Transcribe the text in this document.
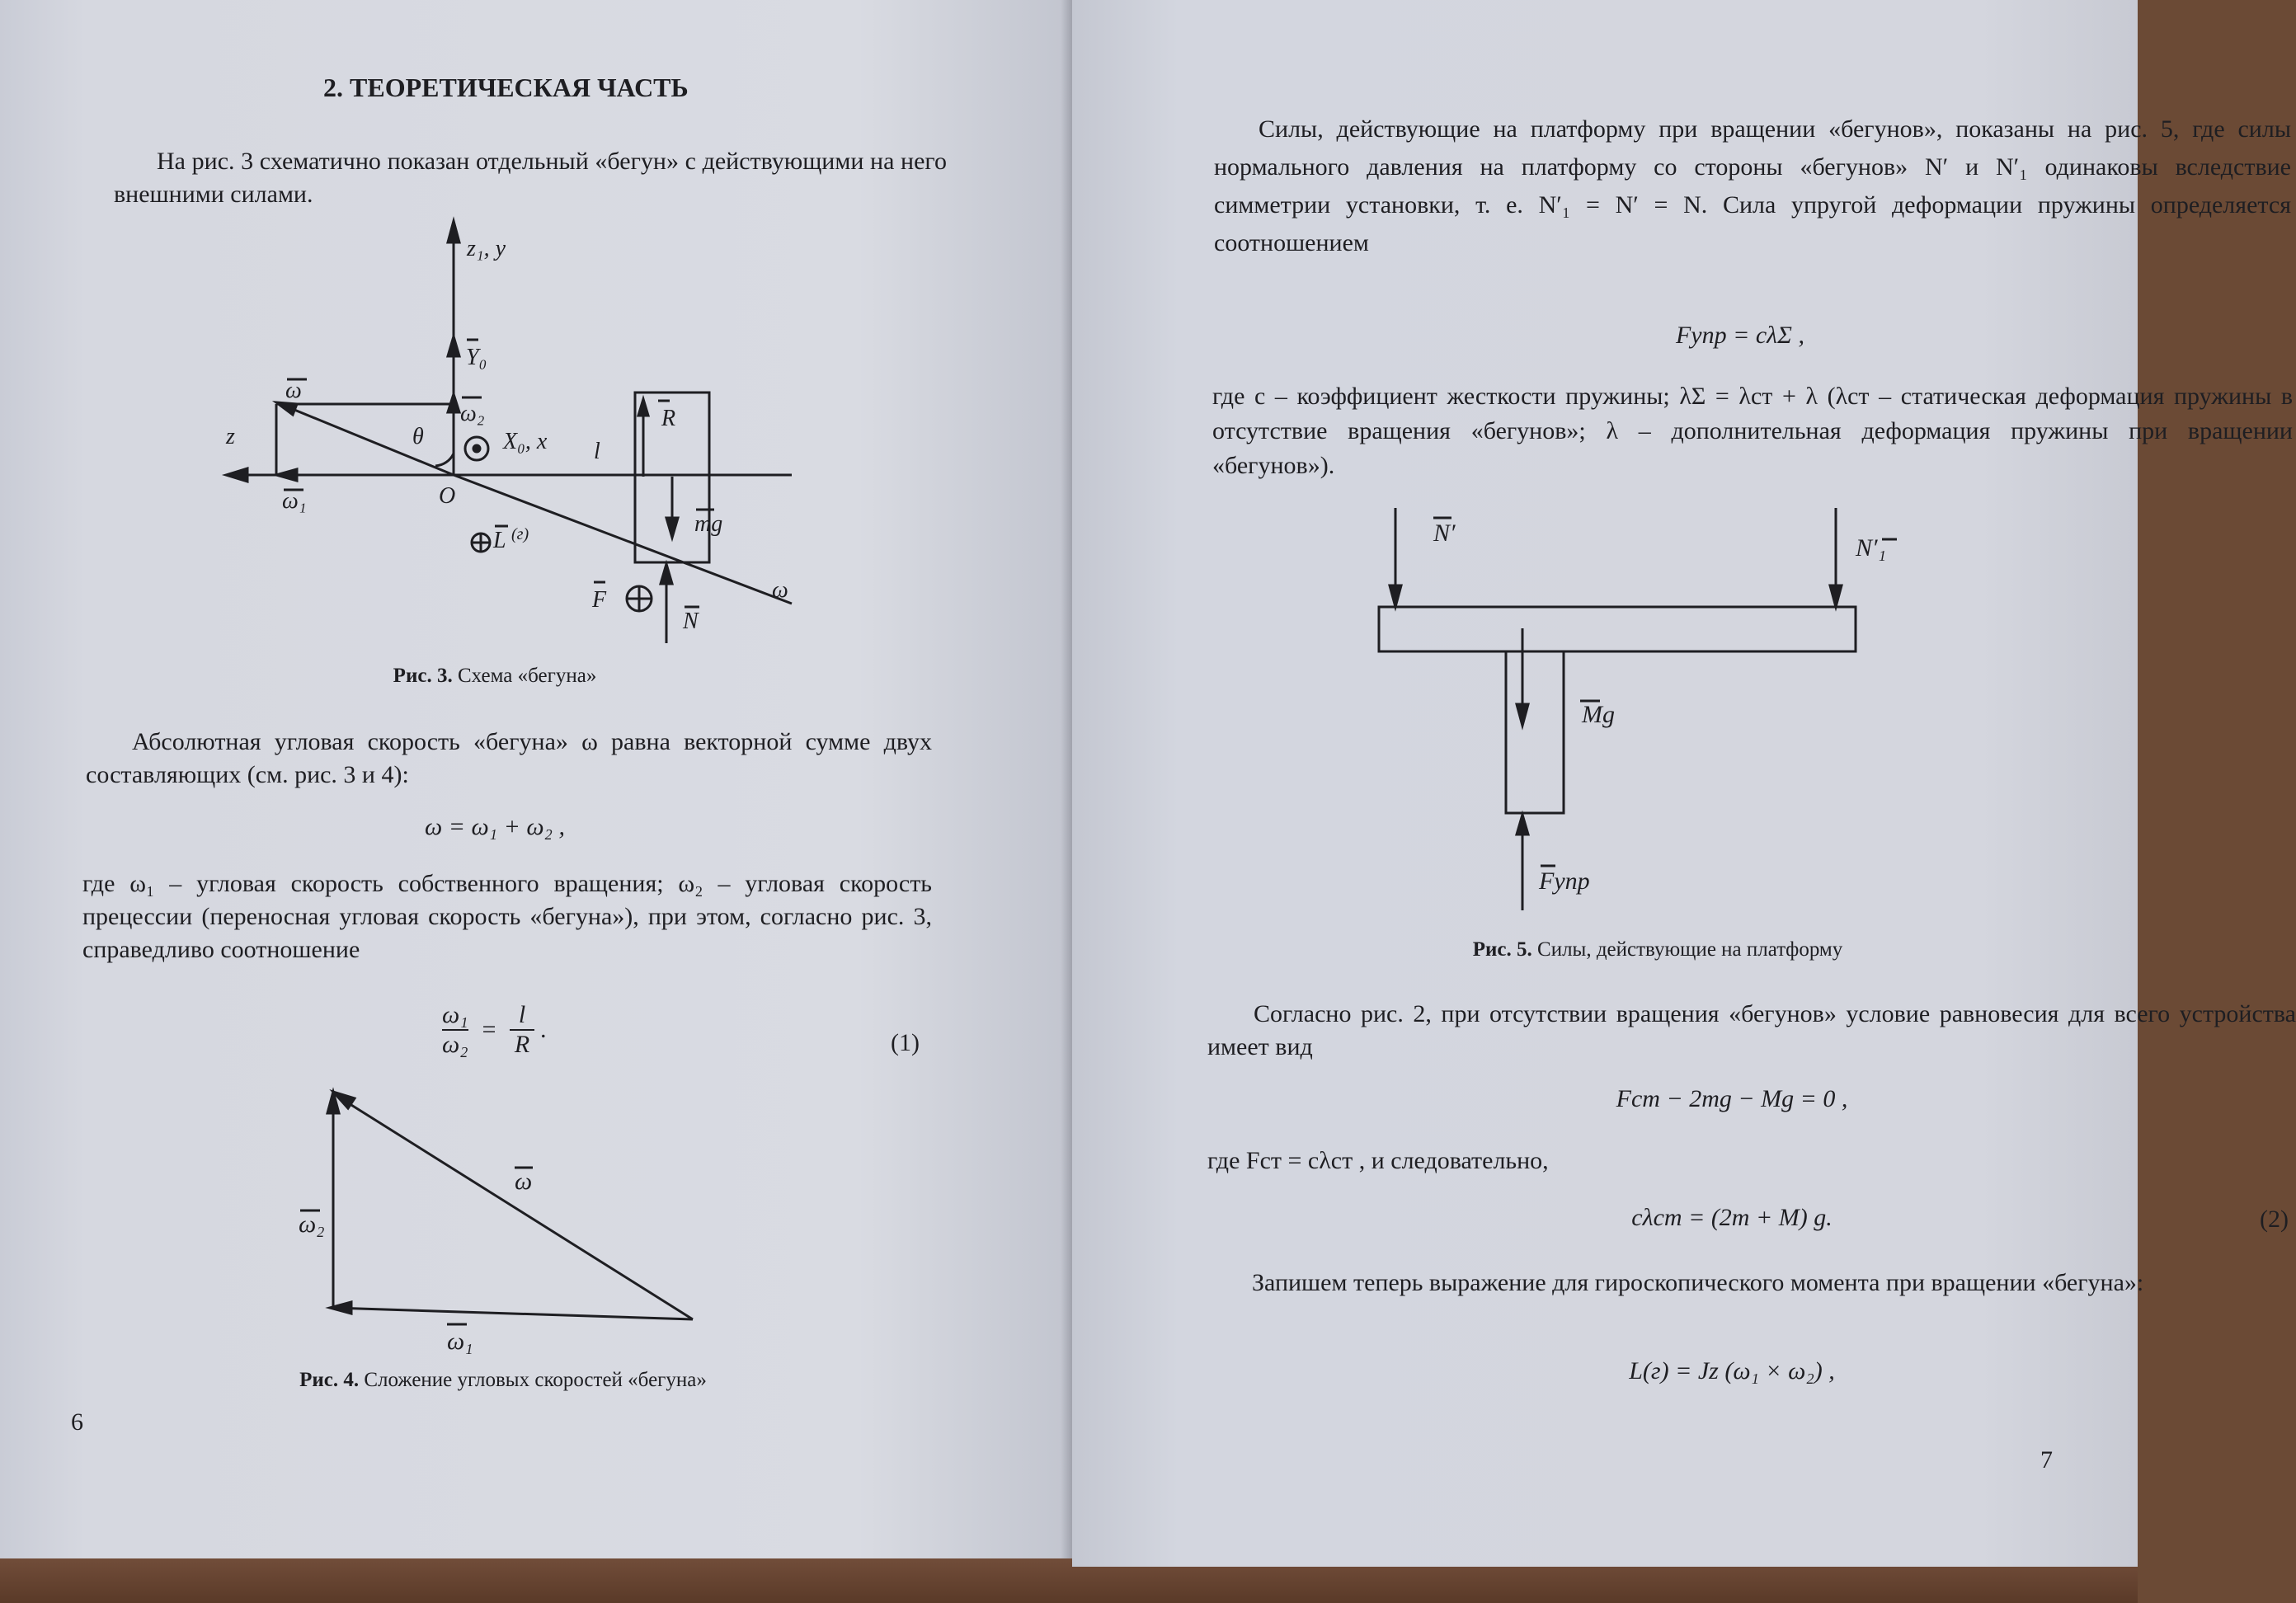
2. ТЕОРЕТИЧЕСКАЯ ЧАСТЬ
На рис. 3 схематично показан отдельный «бегун» с действующими на него внешними силами.
z₁, y
Y₀
ω
ω₂
θ	X₀, x l
R
z
ω₁	O
mg
L (г)
F
N
ω
Рис. 3. Схема «бегуна»
Абсолютная угловая скорость «бегуна» ω равна векторной сумме двух составляющих (см. рис. 3 и 4):
ω = ω₁ + ω₂ ,
где ω₁ – угловая скорость собственного вращения; ω₂ – угловая скорость прецессии (переносная угловая скорость «бегуна»), при этом, согласно рис. 3, справедливо соотношение
$\frac{\text{ω₁}}{\text{ω₂}} = \frac{l}{R}$ .	(1)
ω
ω₂
ω₁
Рис. 4. Сложение угловых скоростей «бегуна»
6
Силы, действующие на платформу при вращении «бегунов», показаны на рис. 5, где силы нормального давления на платформу со стороны «бегунов» N′ и N′₁ одинаковы вследствие симметрии установки, т. е. N′₁ = N′ = N. Сила упругой деформации пружины определяется соотношением
Fупр = cλΣ ,
где c – коэффициент жесткости пружины; λΣ = λст + λ (λст – статическая деформация пружины в отсутствие вращения «бегунов»; λ – дополнительная деформация пружины при вращении «бегунов»).
N′
N′₁
Mg
Fупр
Рис. 5. Силы, действующие на платформу
Согласно рис. 2, при отсутствии вращения «бегунов» условие равновесия для всего устройства имеет вид
Fст − 2mg − Mg = 0 ,
где Fст = cλст , и следовательно,
cλст = (2m + M) g.	(2)
Запишем теперь выражение для гироскопического момента при вращении «бегуна»:
L(г) = Jz (ω₁ × ω₂) ,
7
